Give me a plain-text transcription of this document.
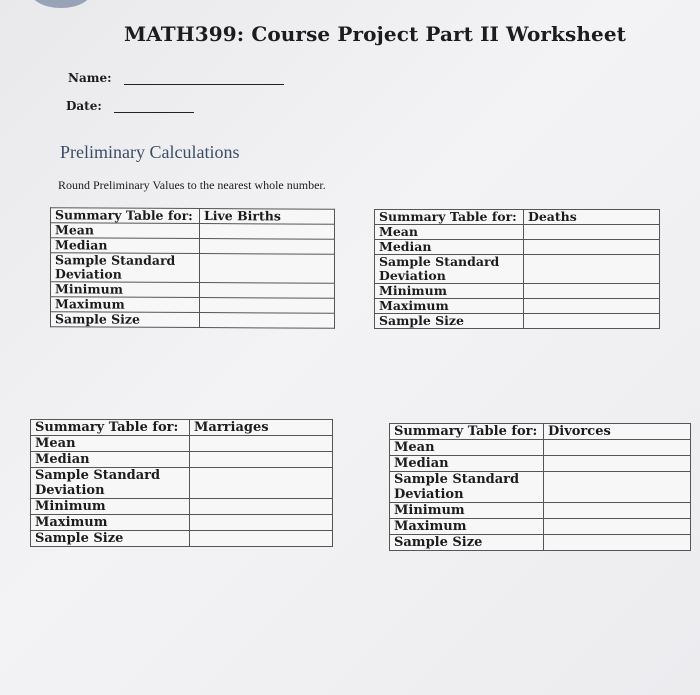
MATH399: Course Project Part II Worksheet
Name:
Date:
Preliminary Calculations
Round Preliminary Values to the nearest whole number.
Summary Table for:	Live Births
Mean	
Median	
Sample Standard
Deviation	
Minimum	
Maximum	
Sample Size	
Summary Table for:	Deaths
Mean	
Median	
Sample Standard
Deviation	
Minimum	
Maximum	
Sample Size	
Summary Table for:	Marriages
Mean	
Median	
Sample Standard
Deviation	
Minimum	
Maximum	
Sample Size	
Summary Table for:	Divorces
Mean	
Median	
Sample Standard
Deviation	
Minimum	
Maximum	
Sample Size	
